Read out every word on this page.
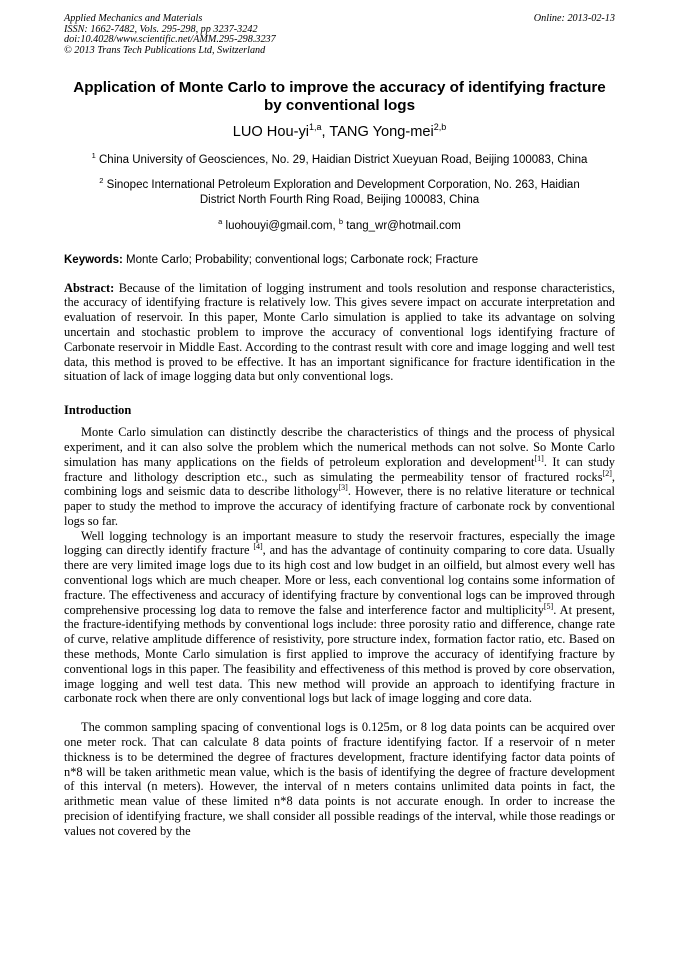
Applied Mechanics and Materials
ISSN: 1662-7482, Vols. 295-298, pp 3237-3242
doi:10.4028/www.scientific.net/AMM.295-298.3237
© 2013 Trans Tech Publications Ltd, Switzerland
Online: 2013-02-13
Application of Monte Carlo to improve the accuracy of identifying fracture by conventional logs
LUO Hou-yi$^{1,a}$, TANG Yong-mei$^{2,b}$
$^1$ China University of Geosciences, No. 29, Haidian District Xueyuan Road, Beijing 100083, China
$^2$ Sinopec International Petroleum Exploration and Development Corporation, No. 263, Haidian District North Fourth Ring Road, Beijing 100083, China
$^a$ luohouyi@gmail.com, $^b$ tang_wr@hotmail.com
Keywords: Monte Carlo; Probability; conventional logs; Carbonate rock; Fracture
Abstract: Because of the limitation of logging instrument and tools resolution and response characteristics, the accuracy of identifying fracture is relatively low. This gives severe impact on accurate interpretation and evaluation of reservoir. In this paper, Monte Carlo simulation is applied to take its advantage on solving uncertain and stochastic problem to improve the accuracy of conventional logs identifying fracture of Carbonate reservoir in Middle East. According to the contrast result with core and image logging and well test data, this method is proved to be effective. It has an important significance for fracture identification in the situation of lack of image logging data but only conventional logs.
Introduction

Monte Carlo simulation can distinctly describe the characteristics of things and the process of physical experiment, and it can also solve the problem which the numerical methods can not solve. So Monte Carlo simulation has many applications on the fields of petroleum exploration and development[1]. It can study fracture and lithology description etc., such as simulating the permeability tensor of fractured rocks[2], combining logs and seismic data to describe lithology[3]. However, there is no relative literature or technical paper to study the method to improve the accuracy of identifying fracture of carbonate rock by conventional logs so far.

Well logging technology is an important measure to study the reservoir fractures, especially the image logging can directly identify fracture [4], and has the advantage of continuity comparing to core data. Usually there are very limited image logs due to its high cost and low budget in an oilfield, but almost every well has conventional logs which are much cheaper. More or less, each conventional log contains some information of fracture. The effectiveness and accuracy of identifying fracture by conventional logs can be improved through comprehensive processing log data to remove the false and interference factor and multiplicity[5]. At present, the fracture-identifying methods by conventional logs include: three porosity ratio and difference, change rate of curve, relative amplitude difference of resistivity, pore structure index, formation factor ratio, etc. Based on these methods, Monte Carlo simulation is first applied to improve the accuracy of identifying fracture by conventional logs in this paper. The feasibility and effectiveness of this method is proved by core observation, image logging and well test data. This new method will provide an approach to identifying fracture in carbonate rock when there are only conventional logs but lack of image logging and core data.

The common sampling spacing of conventional logs is 0.125m, or 8 log data points can be acquired over one meter rock. That can calculate 8 data points of fracture identifying factor. If a reservoir of n meter thickness is to be determined the degree of fractures development, fracture identifying factor data points of n*8 will be taken arithmetic mean value, which is the basis of identifying the degree of fracture development of this interval (n meters). However, the interval of n meters contains unlimited data points in fact, the arithmetic mean value of these limited n*8 data points is not accurate enough. In order to increase the precision of identifying fracture, we shall consider all possible readings of the interval, while those readings or values not covered by the
